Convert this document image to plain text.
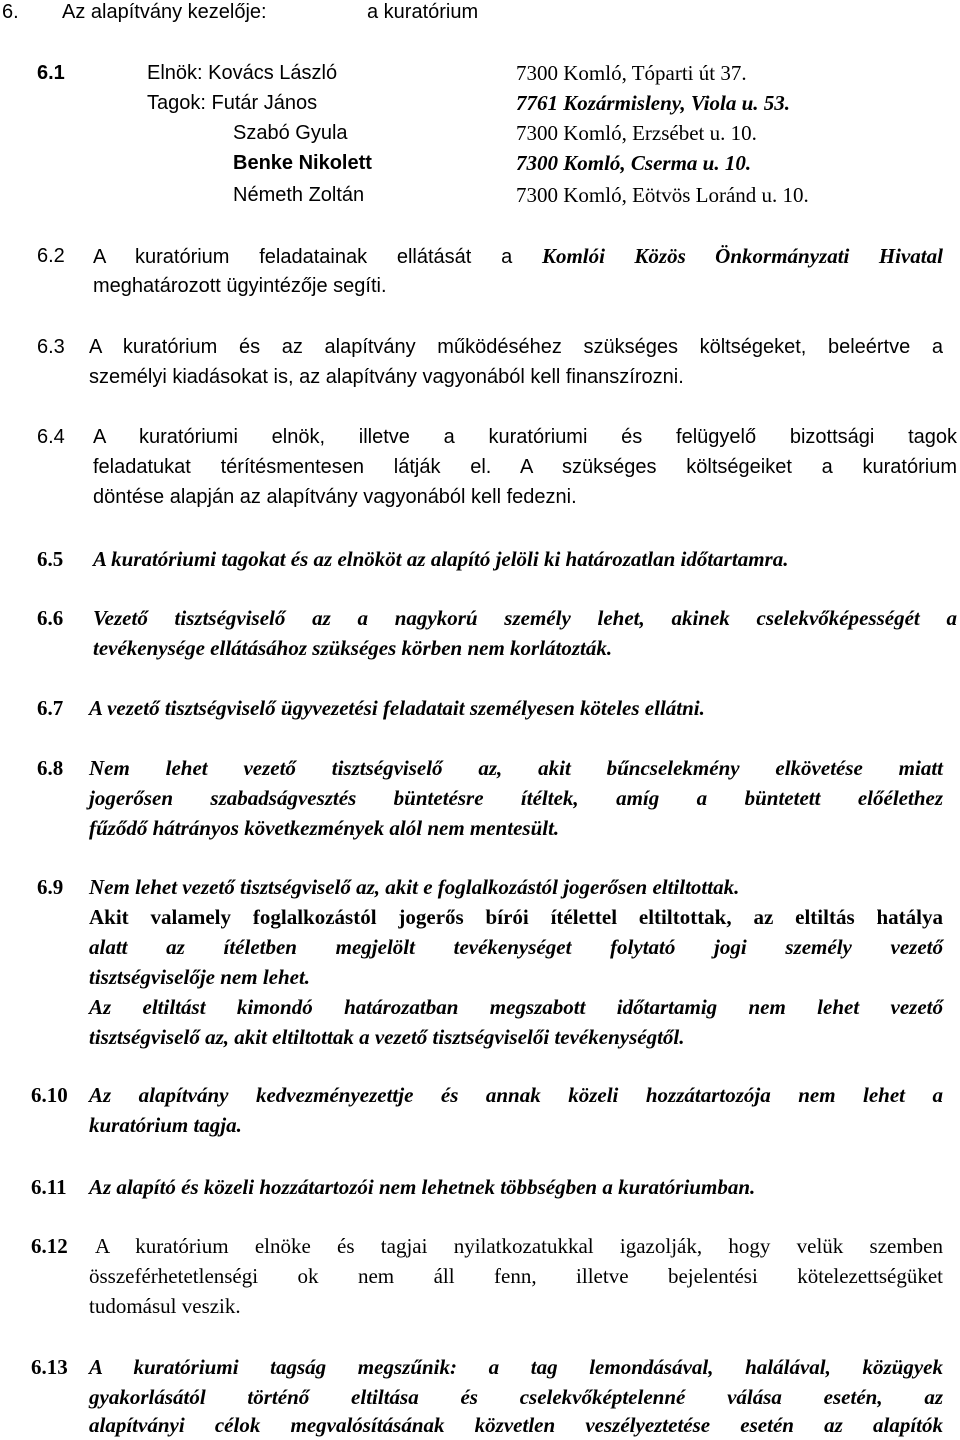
6. Az alapítvány kezelője:	a kuratórium
6.1	Elnök: Kovács László	7300 Komló, Tóparti út 37.
Tagok: Futár János	7761 Kozármisleny, Viola u. 53.
Szabó Gyula	7300 Komló, Erzsébet u. 10.
Benke Nikolett	7300 Komló, Cserma u. 10.
Németh Zoltán	7300 Komló, Eötvös Loránd u. 10.
6.2 A kuratórium feladatainak ellátását a Komlói Közös Önkormányzati Hivatal
meghatározott ügyintézője segíti.
6.3 A kuratórium és az alapítvány működéséhez szükséges költségeket, beleértve a
személyi kiadásokat is, az alapítvány vagyonából kell finanszírozni.
6.4 A kuratóriumi elnök, illetve a kuratóriumi és felügyelő bizottsági tagok
feladatukat térítésmentesen látják el. A szükséges költségeiket a kuratórium
döntése alapján az alapítvány vagyonából kell fedezni.
6.5 A kuratóriumi tagokat és az elnököt az alapító jelöli ki határozatlan időtartamra.
6.6 Vezető tisztségviselő az a nagykorú személy lehet, akinek cselekvőképességét a
tevékenysége ellátásához szükséges körben nem korlátozták.
6.7 A vezető tisztségviselő ügyvezetési feladatait személyesen köteles ellátni.
6.8 Nem lehet vezető tisztségviselő az, akit bűncselekmény elkövetése miatt
jogerősen szabadságvesztés büntetésre ítéltek, amíg a büntetett előélethez
fűződő hátrányos következmények alól nem mentesült.
6.9 Nem lehet vezető tisztségviselő az, akit e foglalkozástól jogerősen eltiltottak.
Akit valamely foglalkozástól jogerős bírói ítélettel eltiltottak, az eltiltás hatálya
alatt az ítéletben megjelölt tevékenységet folytató jogi személy vezető
tisztségviselője nem lehet.
Az eltiltást kimondó határozatban megszabott időtartamig nem lehet vezető
tisztségviselő az, akit eltiltottak a vezető tisztségviselői tevékenységtől.
6.10 Az alapítvány kedvezményezettje és annak közeli hozzátartozója nem lehet a
kuratórium tagja.
6.11 Az alapító és közeli hozzátartozói nem lehetnek többségben a kuratóriumban.
6.12 A kuratórium elnöke és tagjai nyilatkozatukkal igazolják, hogy velük szemben
összeférhetetlenségi ok nem áll fenn, illetve bejelentési kötelezettségüket
tudomásul veszik.
6.13 A kuratóriumi tagság megszűnik: a tag lemondásával, halálával, közügyek
gyakorlásától történő eltiltása és cselekvőképtelenné válása esetén, az
alapítványi célok megvalósításának közvetlen veszélyeztetése esetén az alapítók
